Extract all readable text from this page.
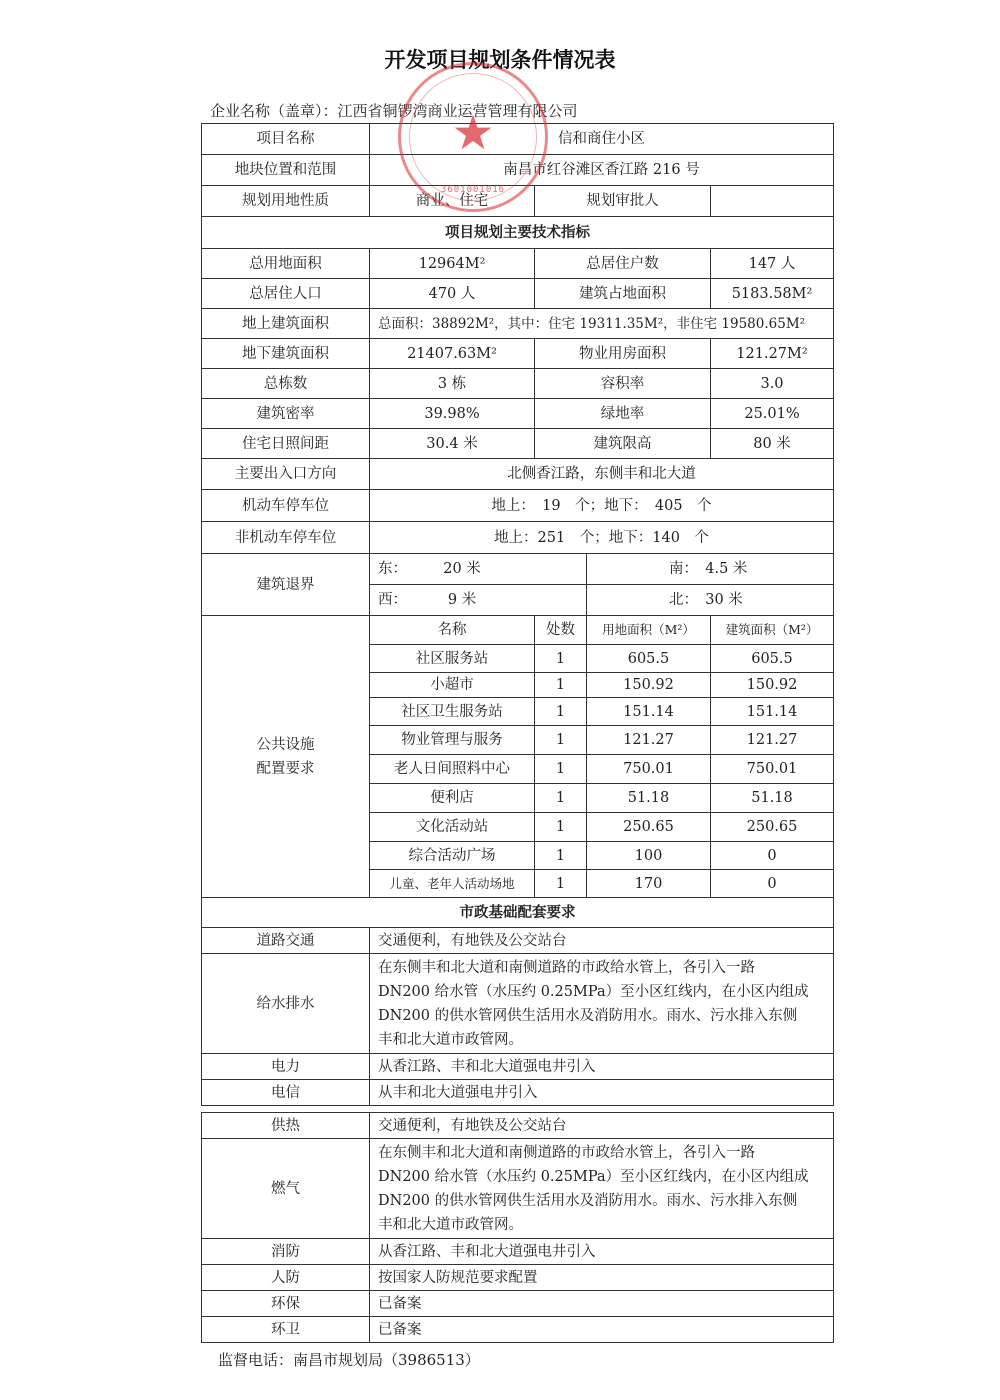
开发项目规划条件情况表
企业名称（盖章）：江西省铜锣湾商业运营管理有限公司
项目名称	信和商住小区			
地块位置和范围	南昌市红谷滩区香江路 216 号			
规划用地性质	商业、住宅	规划审批人		
项目规划主要技术指标				
总用地面积	12964M²	总居住户数		147 人
总居住人口	470 人	建筑占地面积		5183.58M²
地上建筑面积	总面积：38892M²，其中：住宅 19311.35M²，非住宅 19580.65M²			
地下建筑面积	21407.63M²	物业用房面积		121.27M²
总栋数	3 栋	容积率		3.0
建筑密率	39.98%	绿地率		25.01%
住宅日照间距	30.4 米	建筑限高		80 米
主要出入口方向	北侧香江路，东侧丰和北大道			
机动车停车位	地上：　19　个；地下：　405　个			
非机动车停车位	地上：251　个；地下：140　个			
建筑退界	东：　　　20 米		南：　4.5 米	
	西：　　　 9 米		北：　30 米	

公共设施
配置要求	名称	处数	用地面积（M²）	建筑面积（M²）
	社区服务站	1	605.5	605.5
	小超市	1	150.92	150.92
	社区卫生服务站	1	151.14	151.14
	物业管理与服务	1	121.27	121.27
	老人日间照料中心	1	750.01	750.01
	便利店	1	51.18	51.18
	文化活动站	1	250.65	250.65
	综合活动广场	1	100	0
	儿童、老年人活动场地	1	170	0
市政基础配套要求				
道路交通	交通便利，有地铁及公交站台			
给水排水	在东侧丰和北大道和南侧道路的市政给水管上，各引入一路
DN200 给水管（水压约 0.25MPa）至小区红线内，在小区内组成
DN200 的供水管网供生活用水及消防用水。雨水、污水排入东侧
丰和北大道市政管网。			

电力	从香江路、丰和北大道强电井引入			
电信	从丰和北大道强电井引入			

供热	交通便利，有地铁及公交站台			
燃气	在东侧丰和北大道和南侧道路的市政给水管上，各引入一路
DN200 给水管（水压约 0.25MPa）至小区红线内，在小区内组成
DN200 的供水管网供生活用水及消防用水。雨水、污水排入东侧
丰和北大道市政管网。			

消防	从香江路、丰和北大道强电井引入			
人防	按国家人防规范要求配置			
环保	已备案			
环卫	已备案			
★
3601001016
监督电话：南昌市规划局（3986513）
